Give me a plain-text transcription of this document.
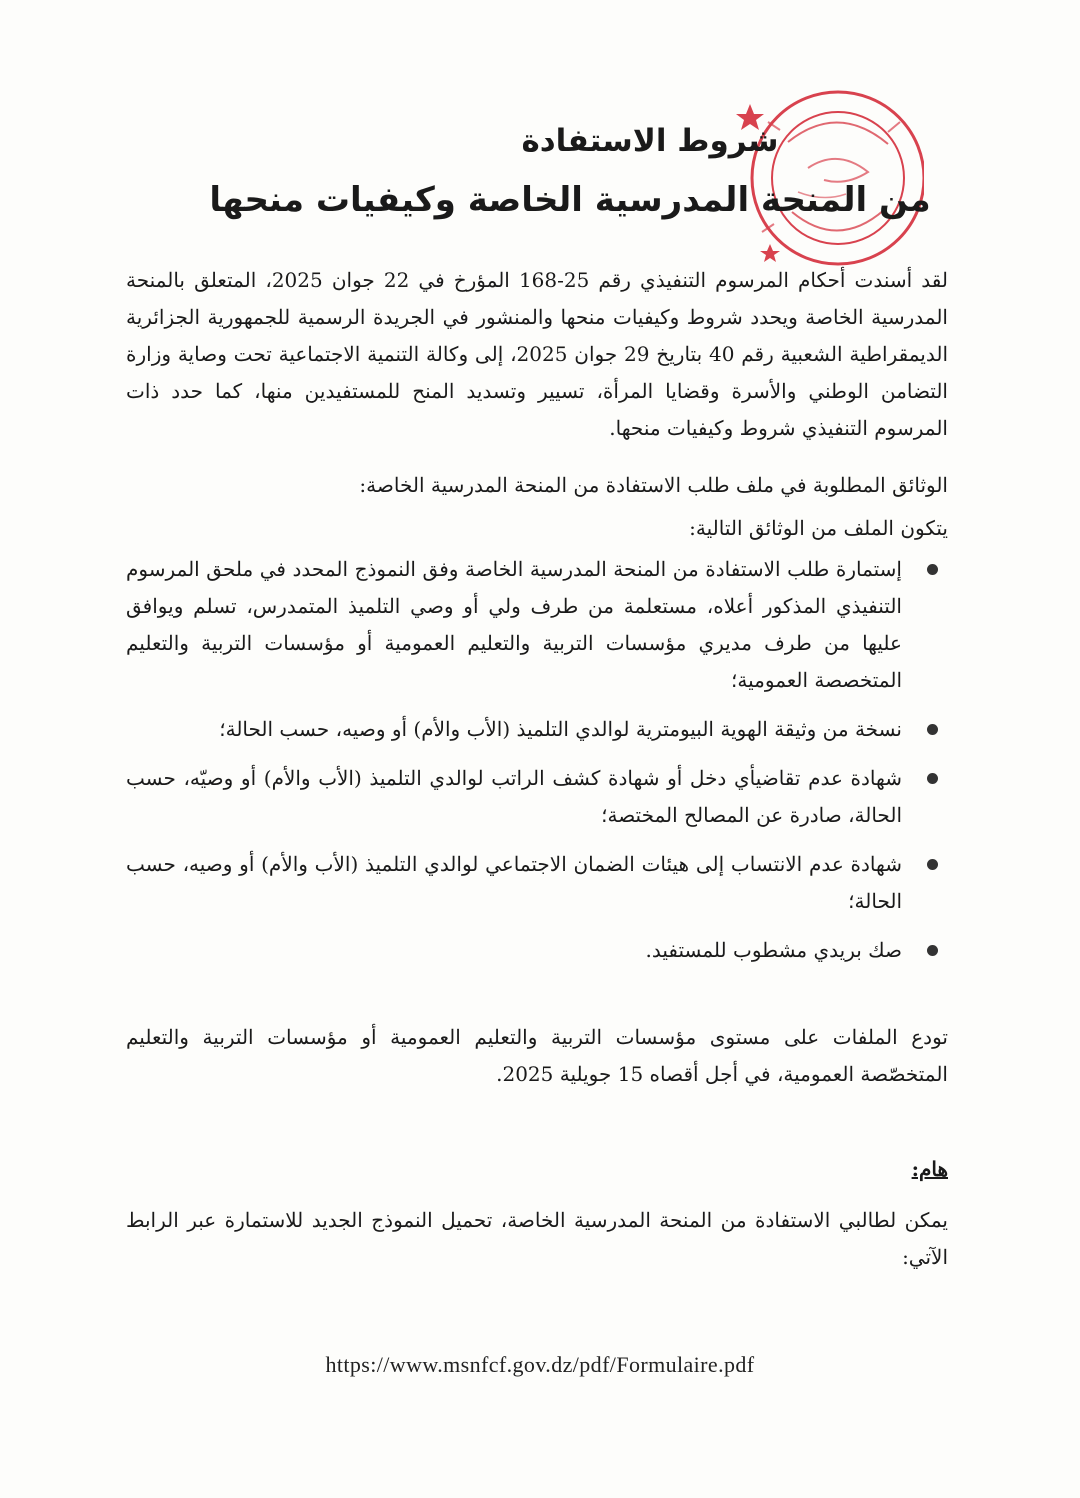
شروط الاستفادة
من المنحة المدرسية الخاصة وكيفيات منحها

لقد أسندت أحكام المرسوم التنفيذي رقم 25-168 المؤرخ في 22 جوان 2025، المتعلق بالمنحة المدرسية الخاصة ويحدد شروط وكيفيات منحها والمنشور في الجريدة الرسمية للجمهورية الجزائرية الديمقراطية الشعبية رقم 40 بتاريخ 29 جوان 2025، إلى وكالة التنمية الاجتماعية تحت وصاية وزارة التضامن الوطني والأسرة وقضايا المرأة، تسيير وتسديد المنح للمستفيدين منها، كما حدد ذات المرسوم التنفيذي شروط وكيفيات منحها.

الوثائق المطلوبة في ملف طلب الاستفادة من المنحة المدرسية الخاصة:

يتكون الملف من الوثائق التالية:

إستمارة طلب الاستفادة من المنحة المدرسية الخاصة وفق النموذج المحدد في ملحق المرسوم التنفيذي المذكور أعلاه، مستعلمة من طرف ولي أو وصي التلميذ المتمدرس، تسلم ويوافق عليها من طرف مديري مؤسسات التربية والتعليم العمومية أو مؤسسات التربية والتعليم المتخصصة العمومية؛
نسخة من وثيقة الهوية البيومترية لوالدي التلميذ (الأب والأم) أو وصيه، حسب الحالة؛
شهادة عدم تقاضيأي دخل أو شهادة كشف الراتب لوالدي التلميذ (الأب والأم) أو وصيّه، حسب الحالة، صادرة عن المصالح المختصة؛
شهادة عدم الانتساب إلى هيئات الضمان الاجتماعي لوالدي التلميذ (الأب والأم) أو وصيه، حسب الحالة؛
صك بريدي مشطوب للمستفيد.

تودع الملفات على مستوى مؤسسات التربية والتعليم العمومية أو مؤسسات التربية والتعليم المتخصّصة العمومية، في أجل أقصاه 15 جويلية 2025.

هام:

يمكن لطالبي الاستفادة من المنحة المدرسية الخاصة، تحميل النموذج الجديد للاستمارة عبر الرابط الآتي:

https://www.msnfcf.gov.dz/pdf/Formulaire.pdf
